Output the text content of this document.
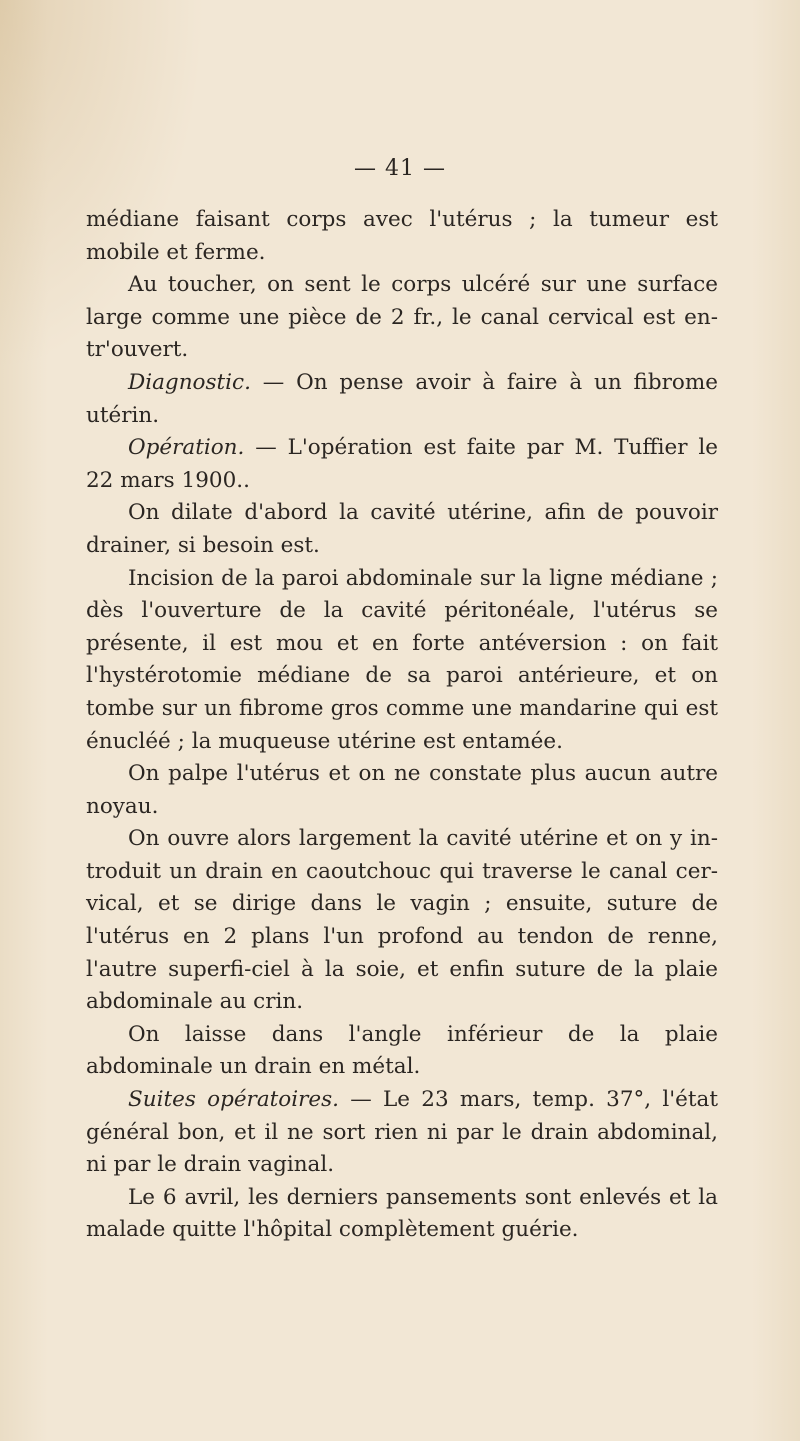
— 41 —

médiane faisant corps avec l'utérus ; la tumeur est mobile et ferme.

Au toucher, on sent le corps ulcéré sur une surface large comme une pièce de 2 fr., le canal cervical est en-tr'ouvert.

Diagnostic. — On pense avoir à faire à un fibrome utérin.

Opération. — L'opération est faite par M. Tuffier le 22 mars 1900..

On dilate d'abord la cavité utérine, afin de pouvoir drainer, si besoin est.

Incision de la paroi abdominale sur la ligne médiane ; dès l'ouverture de la cavité péritonéale, l'utérus se présente, il est mou et en forte antéversion : on fait l'hystérotomie médiane de sa paroi antérieure, et on tombe sur un fibrome gros comme une mandarine qui est énucléé ; la muqueuse utérine est entamée.

On palpe l'utérus et on ne constate plus aucun autre noyau.

On ouvre alors largement la cavité utérine et on y in-troduit un drain en caoutchouc qui traverse le canal cer-vical, et se dirige dans le vagin ; ensuite, suture de l'utérus en 2 plans l'un profond au tendon de renne, l'autre superfi-ciel à la soie, et enfin suture de la plaie abdominale au crin.

On laisse dans l'angle inférieur de la plaie abdominale un drain en métal.

Suites opératoires. — Le 23 mars, temp. 37°, l'état général bon, et il ne sort rien ni par le drain abdominal, ni par le drain vaginal.

Le 6 avril, les derniers pansements sont enlevés et la malade quitte l'hôpital complètement guérie.
